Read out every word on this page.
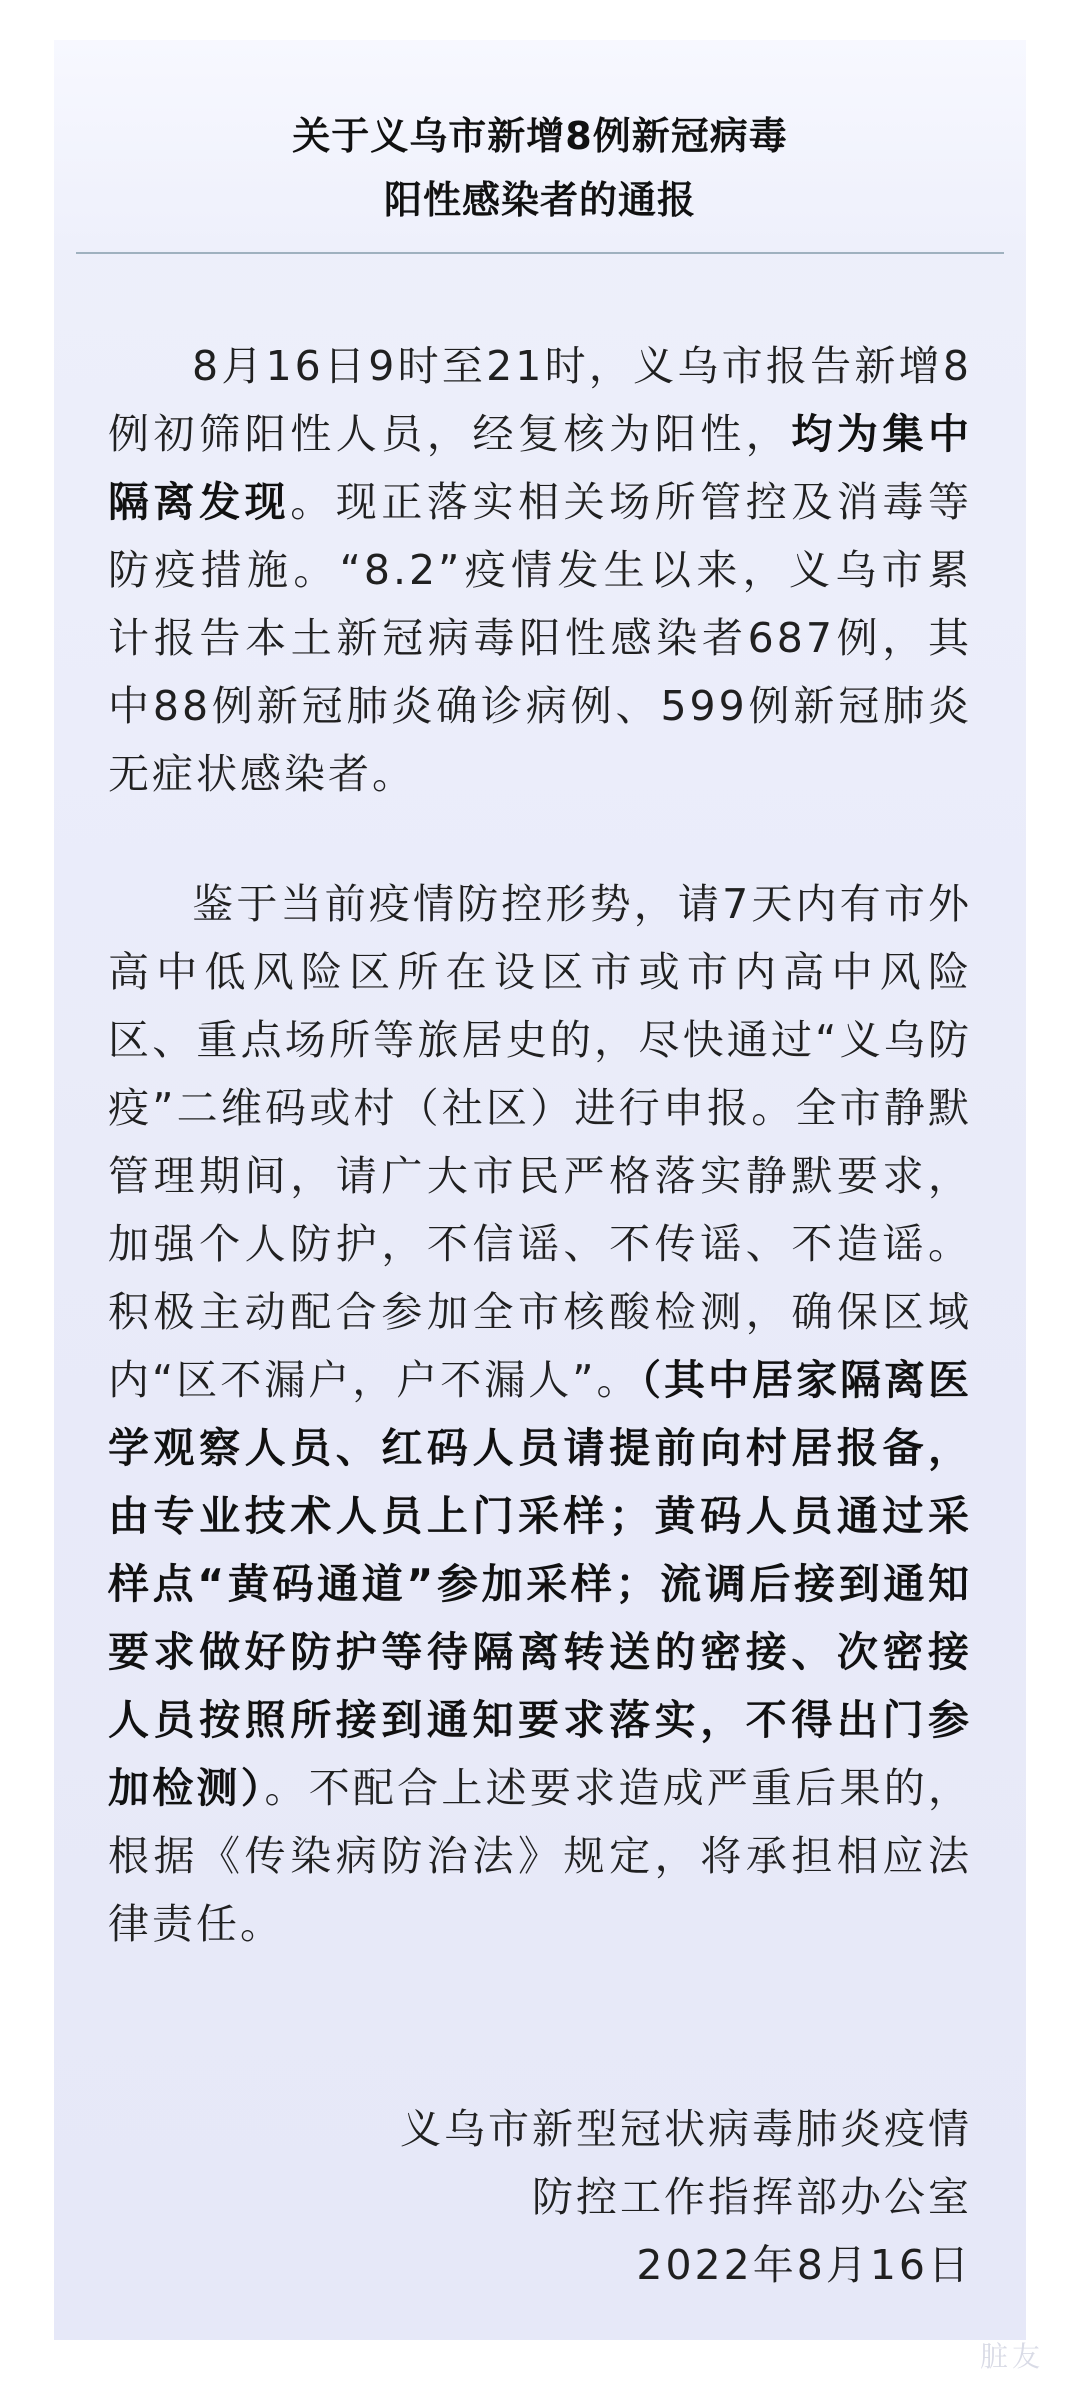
关于义乌市新增8例新冠病毒
阳性感染者的通报

8月16日9时至21时，义乌市报告新增8例初筛阳性人员，经复核为阳性，均为集中隔离发现。现正落实相关场所管控及消毒等防疫措施。“8.2”疫情发生以来，义乌市累计报告本土新冠病毒阳性感染者687例，其中88例新冠肺炎确诊病例、599例新冠肺炎无症状感染者。

鉴于当前疫情防控形势，请7天内有市外高中低风险区所在设区市或市内高中风险区、重点场所等旅居史的，尽快通过“义乌防疫”二维码或村（社区）进行申报。全市静默管理期间，请广大市民严格落实静默要求，加强个人防护，不信谣、不传谣、不造谣。积极主动配合参加全市核酸检测，确保区域内“区不漏户，户不漏人”。（其中居家隔离医学观察人员、红码人员请提前向村居报备，由专业技术人员上门采样；黄码人员通过采样点“黄码通道”参加采样；流调后接到通知要求做好防护等待隔离转送的密接、次密接人员按照所接到通知要求落实，不得出门参加检测）。不配合上述要求造成严重后果的，根据《传染病防治法》规定，将承担相应法律责任。

义乌市新型冠状病毒肺炎疫情
防控工作指挥部办公室
2022年8月16日
脏友
